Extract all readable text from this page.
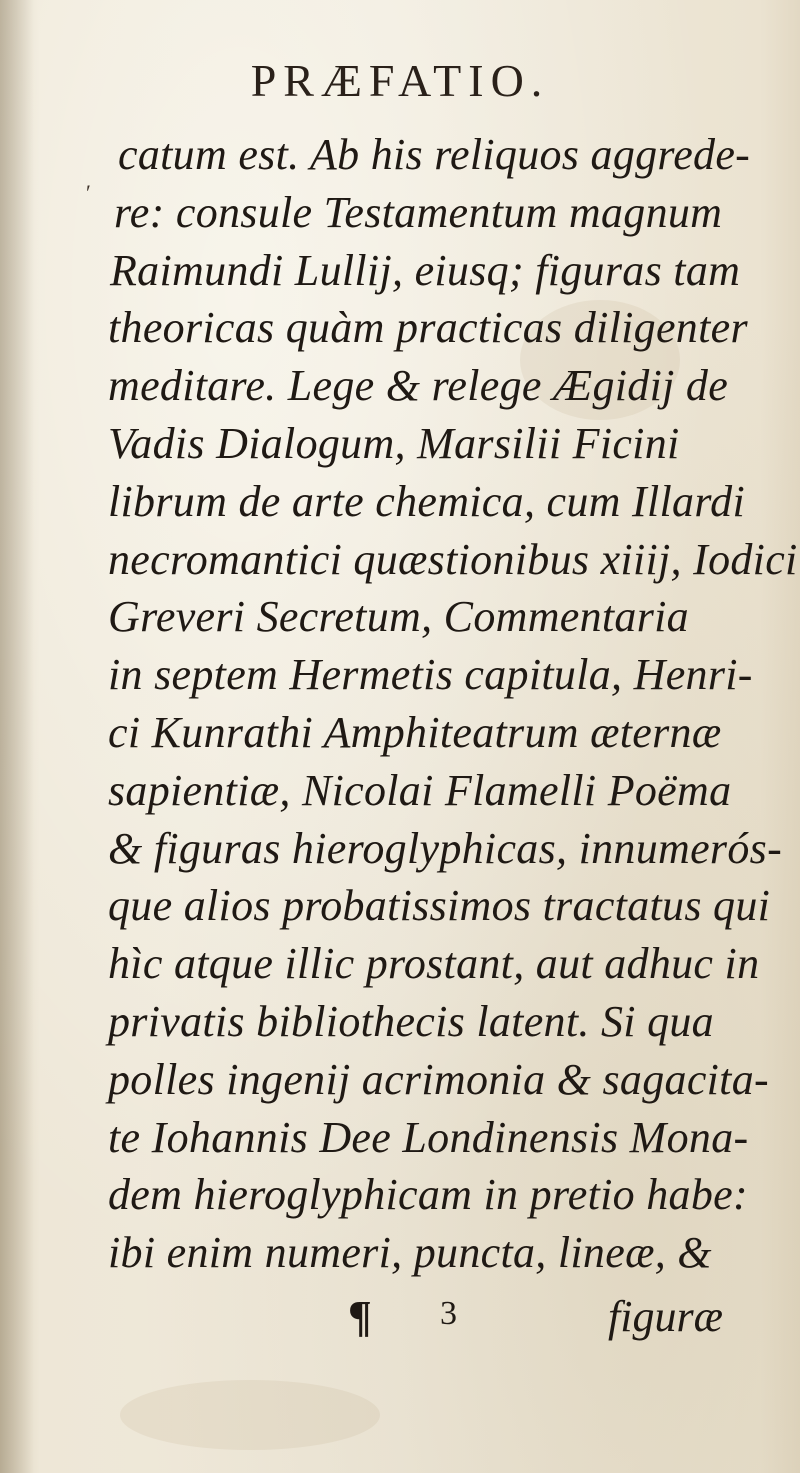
PRÆFATIO.
′
catum est. Ab his reliquos aggrede-
re: consule Testamentum magnum
Raimundi Lullij, eiusq; figuras tam
theoricas quàm practicas diligenter
meditare. Lege & relege Ægidij de
Vadis Dialogum, Marsilii Ficini
librum de arte chemica, cum Illardi
necromantici quæstionibus xiiij, Iodici
Greveri Secretum, Commentaria
in septem Hermetis capitula, Henri-
ci Kunrathi Amphiteatrum æternæ
sapientiæ, Nicolai Flamelli Poëma
& figuras hieroglyphicas, innumerós-
que alios probatissimos tractatus qui
hìc atque illic prostant, aut adhuc in
privatis bibliothecis latent. Si qua
polles ingenij acrimonia & sagacita-
te Iohannis Dee Londinensis Mona-
dem hieroglyphicam in pretio habe:
ibi enim numeri, puncta, lineæ, &
¶ 3	figuræ
